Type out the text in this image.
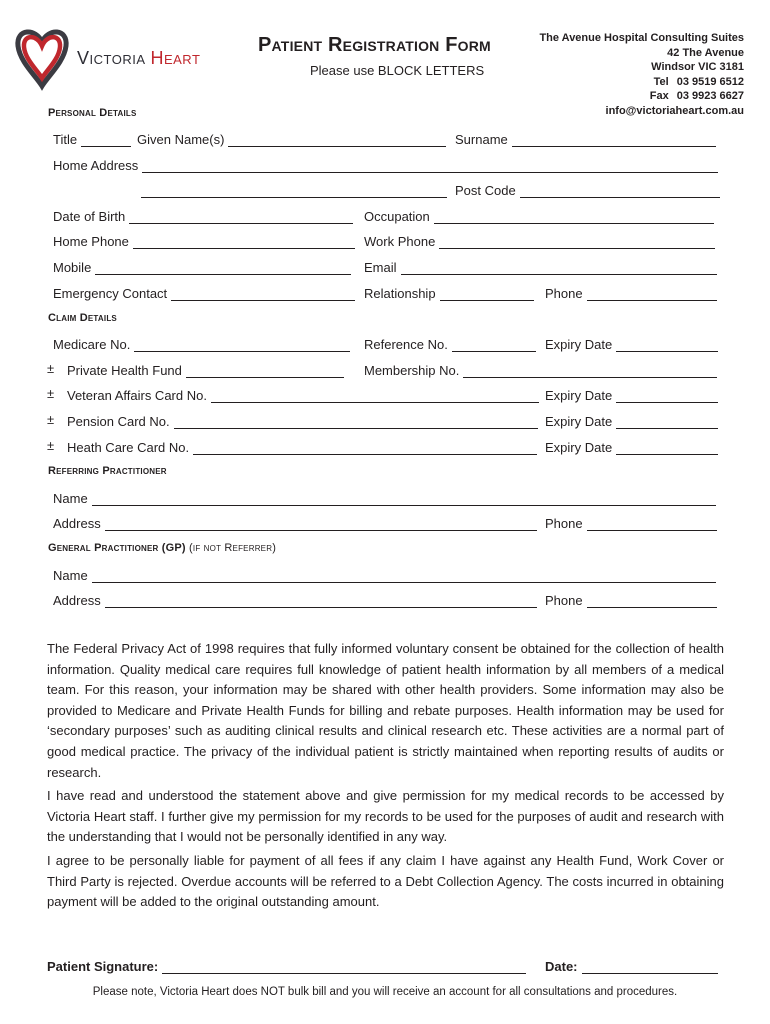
Victoria Heart
Patient Registration Form
Please use BLOCK LETTERS
The Avenue Hospital Consulting Suites
42 The Avenue
Windsor VIC 3181
Tel 03 9519 6512
Fax 03 9923 6627
info@victoriaheart.com.au
Personal Details
Title	Given Name(s)	Surname
Home Address
Post Code
Date of Birth	Occupation
Home Phone	Work Phone
Mobile	Email
Emergency Contact	Relationship	Phone
Claim Details
Medicare No.	Reference No.	Expiry Date
± Private Health Fund	Membership No.
± Veteran Affairs Card No.	Expiry Date
± Pension Card No.	Expiry Date
± Heath Care Card No.	Expiry Date
Referring Practitioner
Name
Address	Phone
General Practitioner (GP) (if not Referrer)
Name
Address	Phone

The Federal Privacy Act of 1998 requires that fully informed voluntary consent be obtained for the collection of health information. Quality medical care requires full knowledge of patient health information by all members of a medical team. For this reason, your information may be shared with other health providers. Some information may also be provided to Medicare and Private Health Funds for billing and rebate purposes. Health information may be used for ‘secondary purposes’ such as auditing clinical results and clinical research etc. These activities are a normal part of good medical practice. The privacy of the individual patient is strictly maintained when reporting results of audits or research.

I have read and understood the statement above and give permission for my medical records to be accessed by Victoria Heart staff. I further give my permission for my records to be used for the purposes of audit and research with the understanding that I would not be personally identified in any way.

I agree to be personally liable for payment of all fees if any claim I have against any Health Fund, Work Cover or Third Party is rejected. Overdue accounts will be referred to a Debt Collection Agency. The costs incurred in obtaining payment will be added to the original outstanding amount.

Patient Signature:	Date:
Please note, Victoria Heart does NOT bulk bill and you will receive an account for all consultations and procedures.
